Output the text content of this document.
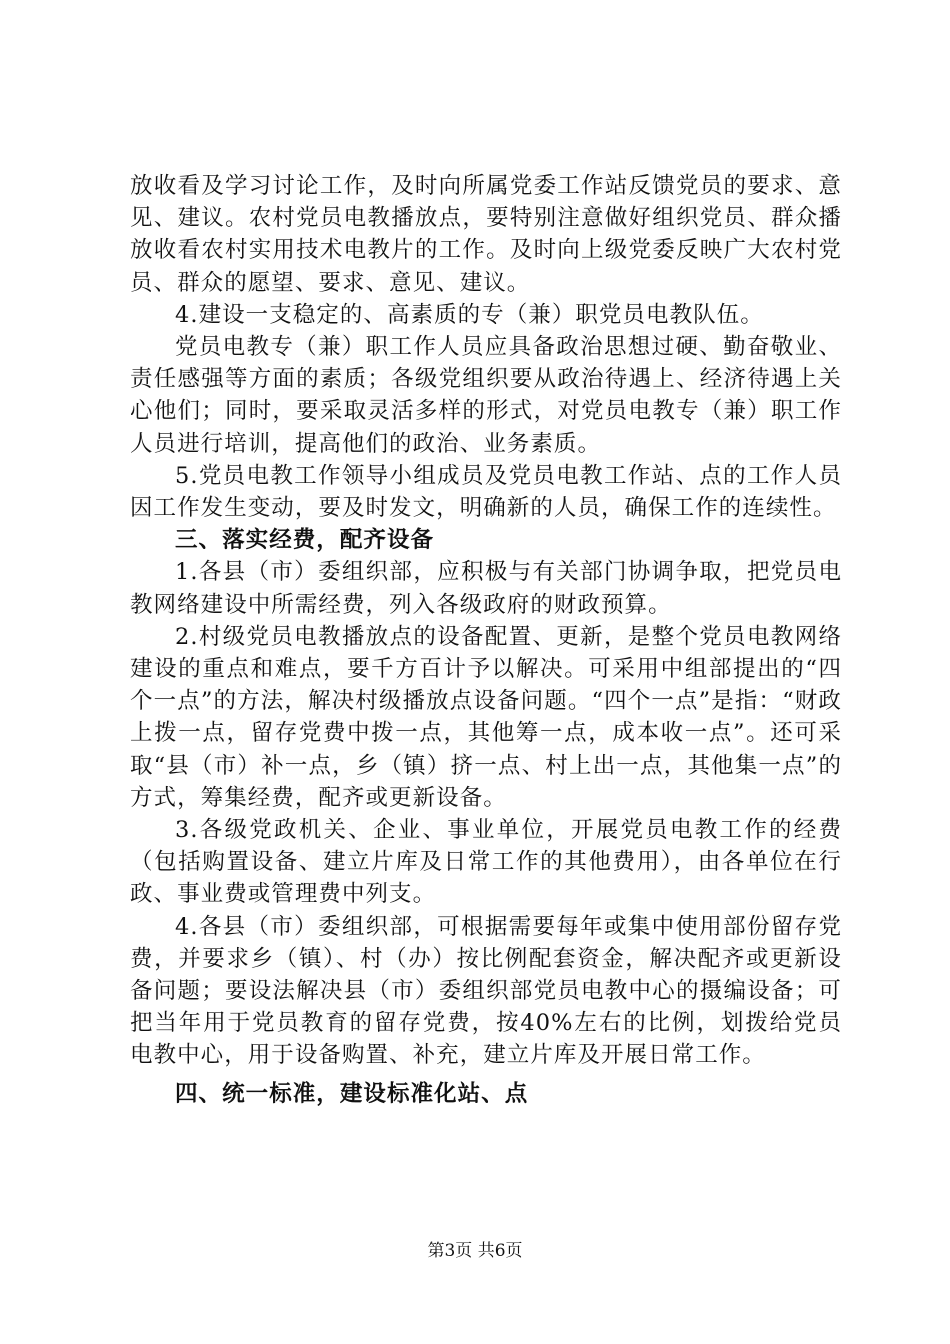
放收看及学习讨论工作，及时向所属党委工作站反馈党员的要求、意见、建议。农村党员电教播放点，要特别注意做好组织党员、群众播放收看农村实用技术电教片的工作。及时向上级党委反映广大农村党员、群众的愿望、要求、意见、建议。

4.建设一支稳定的、高素质的专（兼）职党员电教队伍。

党员电教专（兼）职工作人员应具备政治思想过硬、勤奋敬业、责任感强等方面的素质；各级党组织要从政治待遇上、经济待遇上关心他们；同时，要采取灵活多样的形式，对党员电教专（兼）职工作人员进行培训，提高他们的政治、业务素质。

5.党员电教工作领导小组成员及党员电教工作站、点的工作人员因工作发生变动，要及时发文，明确新的人员，确保工作的连续性。

三、落实经费，配齐设备

1.各县（市）委组织部，应积极与有关部门协调争取，把党员电教网络建设中所需经费，列入各级政府的财政预算。

2.村级党员电教播放点的设备配置、更新，是整个党员电教网络建设的重点和难点，要千方百计予以解决。可采用中组部提出的“四个一点”的方法，解决村级播放点设备问题。“四个一点”是指：“财政上拨一点，留存党费中拨一点，其他筹一点，成本收一点”。还可采取“县（市）补一点，乡（镇）挤一点、村上出一点，其他集一点”的方式，筹集经费，配齐或更新设备。

3.各级党政机关、企业、事业单位，开展党员电教工作的经费（包括购置设备、建立片库及日常工作的其他费用），由各单位在行政、事业费或管理费中列支。

4.各县（市）委组织部，可根据需要每年或集中使用部份留存党费，并要求乡（镇）、村（办）按比例配套资金，解决配齐或更新设备问题；要设法解决县（市）委组织部党员电教中心的摄编设备；可把当年用于党员教育的留存党费，按40%左右的比例，划拨给党员电教中心，用于设备购置、补充，建立片库及开展日常工作。

四、统一标准，建设标准化站、点

第3页 共6页
